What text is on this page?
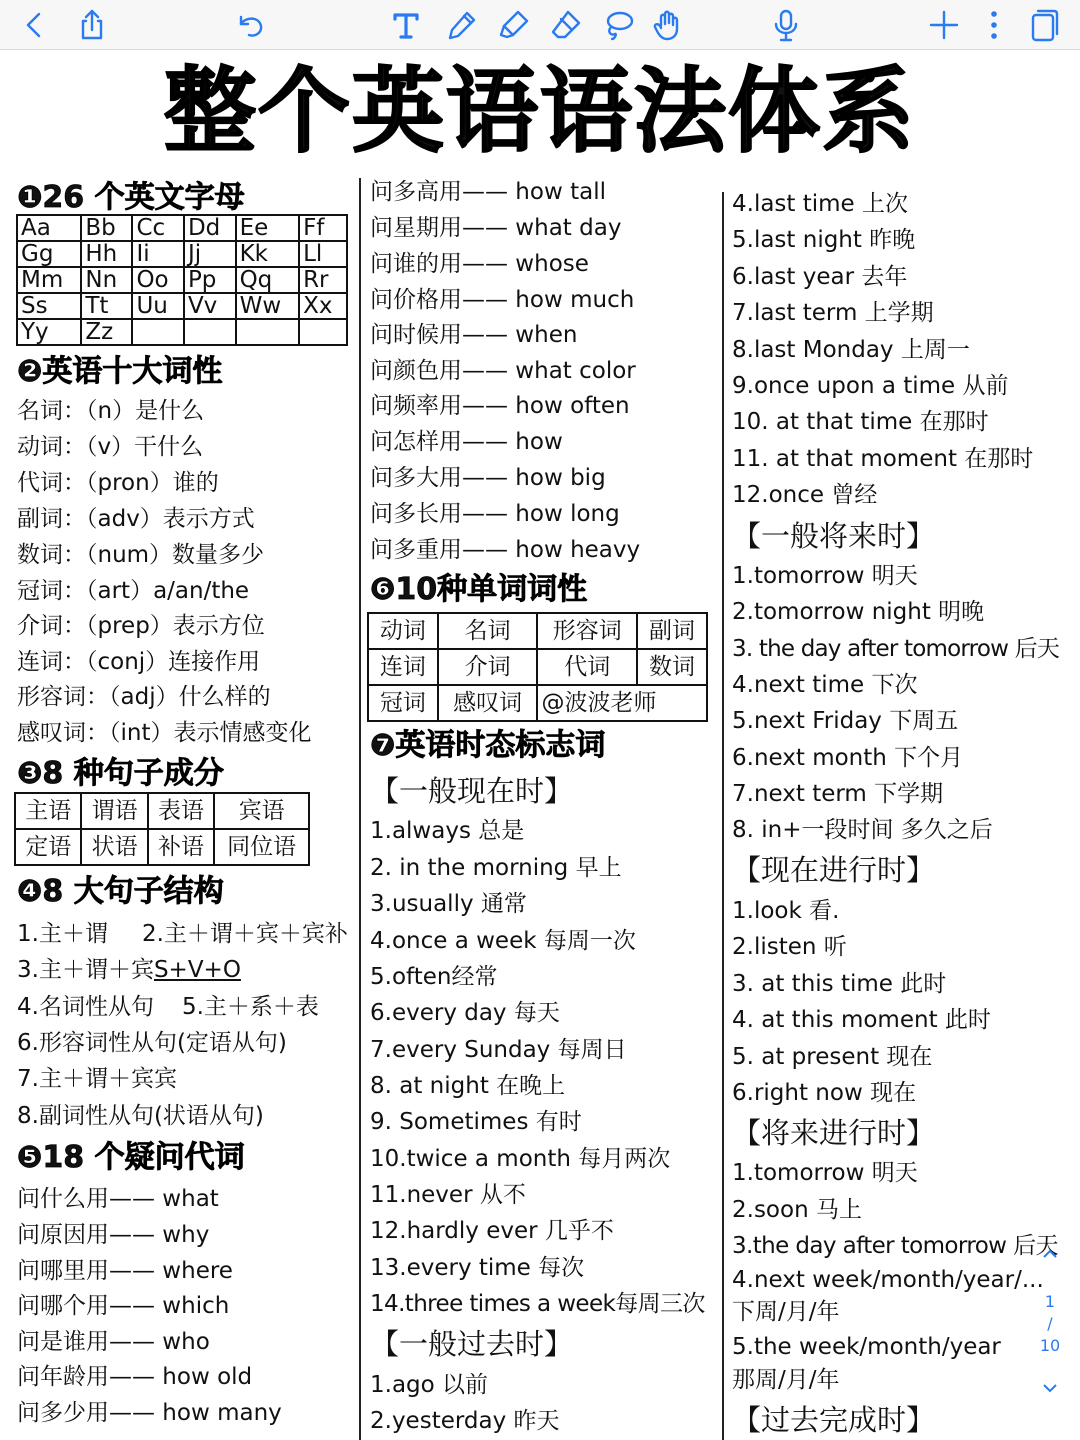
整个英语语法体系
❶26 个英文字母
Aa	Bb	Cc	Dd	Ee	Ff
Gg	Hh	Ii	Jj	Kk	Ll
Mm	Nn	Oo	Pp	Qq	Rr
Ss	Tt	Uu	Vv	Ww	Xx
Yy	Zz				
❷英语十大词性
名词：（n）是什么
动词：（v）干什么
代词：（pron）谁的
副词：（adv）表示方式
数词：（num）数量多少
冠词：（art）a/an/the
介词：（prep）表示方位
连词：（conj）连接作用
形容词：（adj）什么样的
感叹词：（int）表示情感变化
❸8 种句子成分
主语	谓语	表语	宾语
定语	状语	补语	同位语
❹8 大句子结构
1.主＋谓 2.主＋谓＋宾＋宾补
3.主＋谓＋宾S+V+O
4.名词性从句 5.主＋系＋表
6.形容词性从句(定语从句)
7.主＋谓＋宾宾
8.副词性从句(状语从句)
❺18 个疑问代词
问什么用—— what
问原因用—— why
问哪里用—— where
问哪个用—— which
问是谁用—— who
问年龄用—— how old
问多少用—— how many
问多高用—— how tall
问星期用—— what day
问谁的用—— whose
问价格用—— how much
问时候用—— when
问颜色用—— what color
问频率用—— how often
问怎样用—— how
问多大用—— how big
问多长用—— how long
问多重用—— how heavy
❻10种单词词性
动词	名词	形容词	副词
连词	介词	代词	数词
冠词	感叹词	@波波老师	
❼英语时态标志词
【一般现在时】
1.always 总是
2. in the morning 早上
3.usually 通常
4.once a week 每周一次
5.often经常
6.every day 每天
7.every Sunday 每周日
8. at night 在晚上
9. Sometimes 有时
10.twice a month 每月两次
11.never 从不
12.hardly ever 几乎不
13.every time 每次
14.three times a week每周三次
【一般过去时】
1.ago 以前
2.yesterday 昨天
4.last time 上次
5.last night 昨晚
6.last year 去年
7.last term 上学期
8.last Monday 上周一
9.once upon a time 从前
10. at that time 在那时
11. at that moment 在那时
12.once 曾经
【一般将来时】
1.tomorrow 明天
2.tomorrow night 明晚
3. the day after tomorrow 后天
4.next time 下次
5.next Friday 下周五
6.next month 下个月
7.next term 下学期
8. in+一段时间 多久之后
【现在进行时】
1.look 看.
2.listen 听
3. at this time 此时
4. at this moment 此时
5. at present 现在
6.right now 现在
【将来进行时】
1.tomorrow 明天
2.soon 马上
3.the day after tomorrow 后天
4.next week/month/year/...
下周/月/年
5.the week/month/year
那周/月/年
【过去完成时】
1
/
10
